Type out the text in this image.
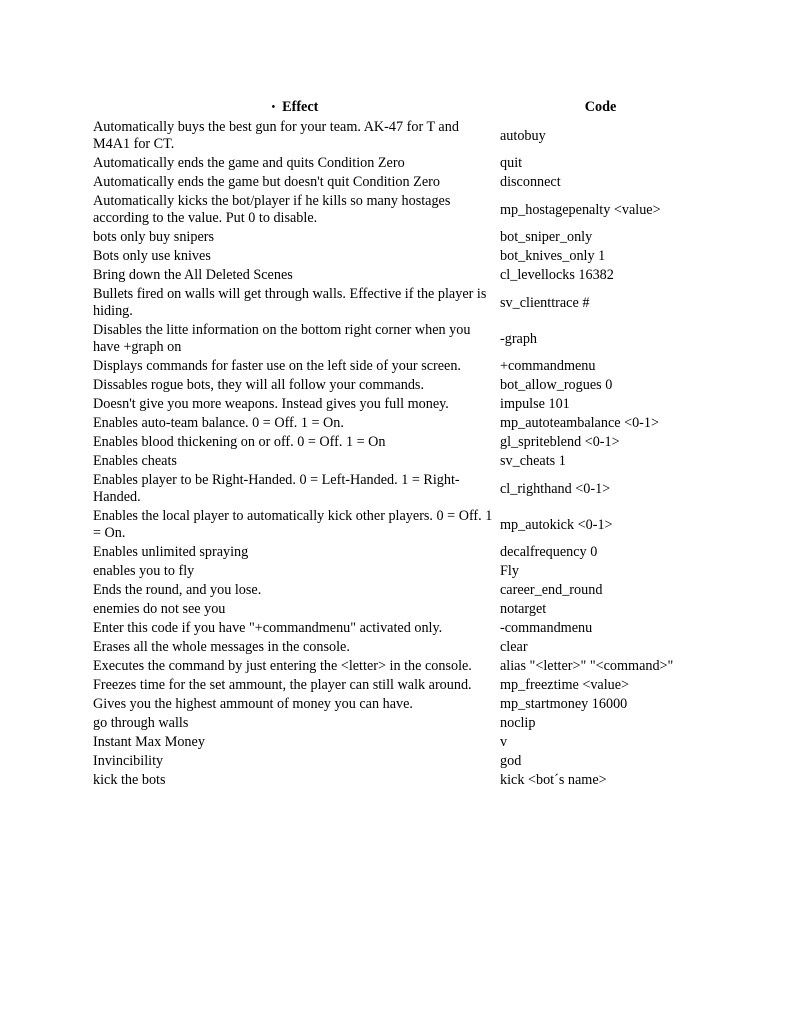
• Effect	Code
Automatically buys the best gun for your team. AK-47 for T and M4A1 for CT.	autobuy
Automatically ends the game and quits Condition Zero	quit
Automatically ends the game but doesn't quit Condition Zero	disconnect
Automatically kicks the bot/player if he kills so many hostages according to the value. Put 0 to disable.	mp_hostagepenalty <value>
bots only buy snipers	bot_sniper_only
Bots only use knives	bot_knives_only 1
Bring down the All Deleted Scenes	cl_levellocks 16382
Bullets fired on walls will get through walls. Effective if the player is hiding.	sv_clienttrace #
Disables the litte information on the bottom right corner when you have +graph on	-graph
Displays commands for faster use on the left side of your screen.	+commandmenu
Dissables rogue bots, they will all follow your commands.	bot_allow_rogues 0
Doesn't give you more weapons. Instead gives you full money.	impulse 101
Enables auto-team balance. 0 = Off. 1 = On.	mp_autoteambalance <0-1>
Enables blood thickening on or off. 0 = Off. 1 = On	gl_spriteblend <0-1>
Enables cheats	sv_cheats 1
Enables player to be Right-Handed. 0 = Left-Handed. 1 = Right-Handed.	cl_righthand <0-1>
Enables the local player to automatically kick other players. 0 = Off. 1 = On.	mp_autokick <0-1>
Enables unlimited spraying	decalfrequency 0
enables you to fly	Fly
Ends the round, and you lose.	career_end_round
enemies do not see you	notarget
Enter this code if you have "+commandmenu" activated only.	-commandmenu
Erases all the whole messages in the console.	clear
Executes the command by just entering the <letter> in the console.	alias "<letter>" "<command>"
Freezes time for the set ammount, the player can still walk around.	mp_freeztime <value>
Gives you the highest ammount of money you can have.	mp_startmoney 16000
go through walls	noclip
Instant Max Money	v
Invincibility	god
kick the bots	kick <bot´s name>
